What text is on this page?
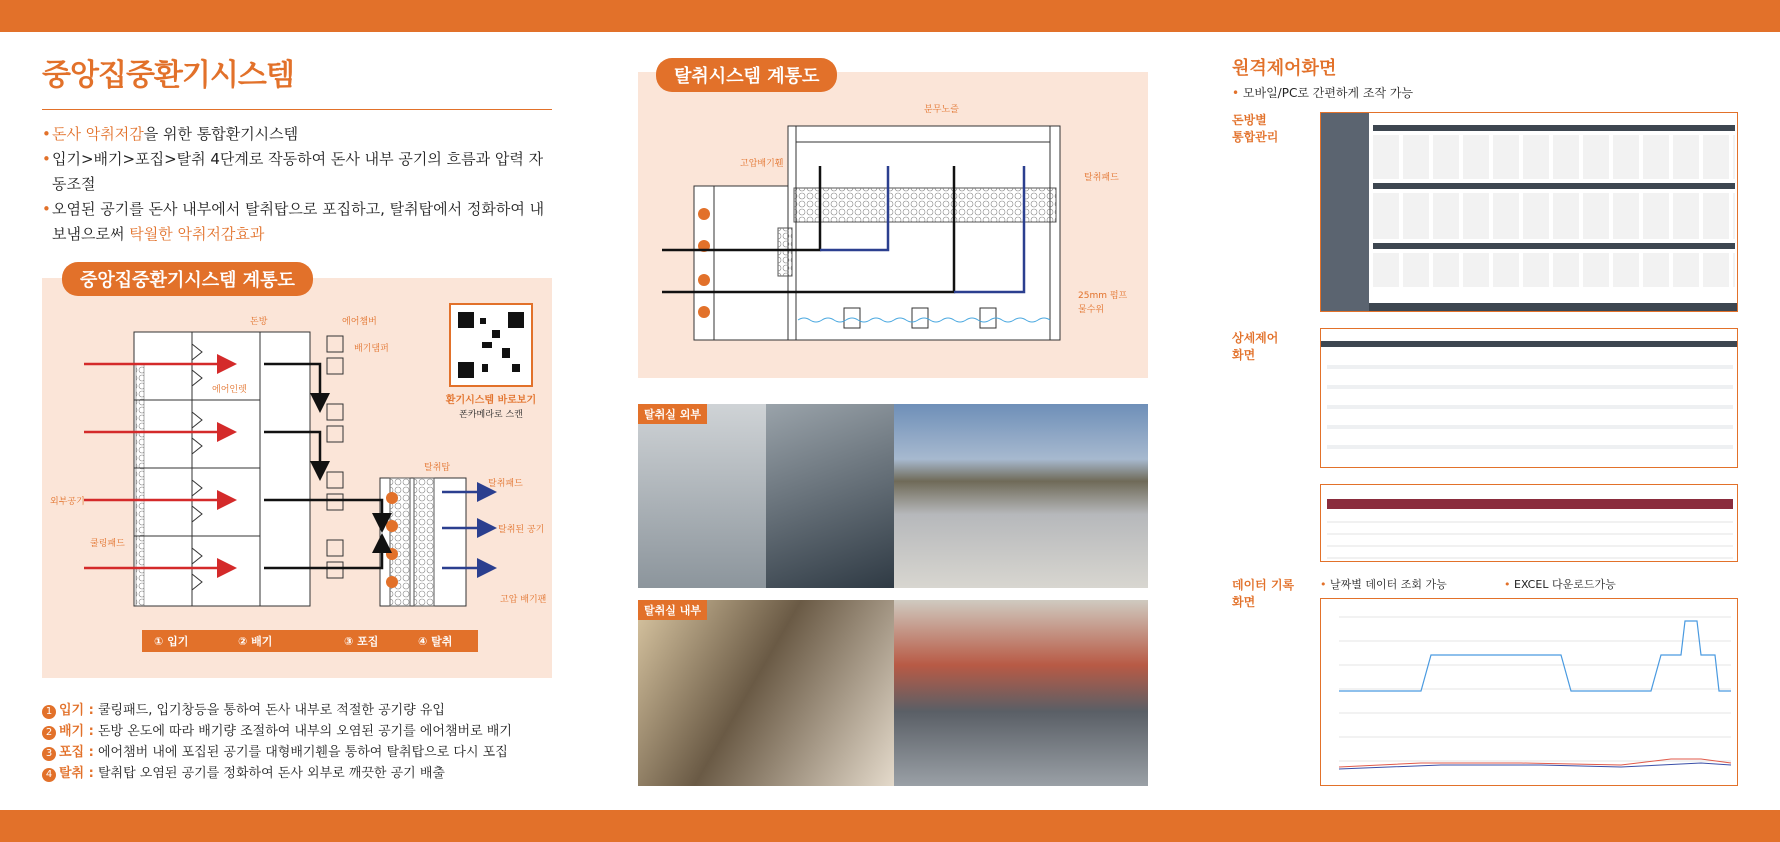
중앙집중환기시스템
• 돈사 악취저감을 위한 통합환기시스템
• 입기>배기>포집>탈취 4단계로 작동하여 돈사 내부 공기의 흐름과 압력 자동조절
• 오염된 공기를 돈사 내부에서 탈취탑으로 포집하고, 탈취탑에서 정화하여 내보냄으로써 탁월한 악취저감효과
돈방	에어챔버
배기댐퍼
에어인렛
외부공기
쿨링패드
탈취탑
탈취패드
탈취된 공기
고압 배기팬
환기시스템 바로보기
폰카메라로 스캔
① 입기	② 배기	③ 포집	④ 탈취
중앙집중환기시스템 계통도
1 입기 : 쿨링패드, 입기창등을 통하여 돈사 내부로 적절한 공기량 유입
2 배기 : 돈방 온도에 따라 배기량 조절하여 내부의 오염된 공기를 에어챔버로 배기
3 포집 : 에어챔버 내에 포집된 공기를 대형배기휀을 통하여 탈취탑으로 다시 포집
4 탈취 : 탈취탑 오염된 공기를 정화하여 돈사 외부로 깨끗한 공기 배출
분무노즐
고압배기휀
탈취패드
25mm 펌프
물수위
탈취시스템 계통도
탈취실 외부
탈취실 내부
원격제어화면
• 모바일/PC로 간편하게 조작 가능
돈방별
통합관리
상세제어
화면
데이터 기록
화면
• 날짜별 데이터 조회 가능
•	EXCEL 다운로드가능
